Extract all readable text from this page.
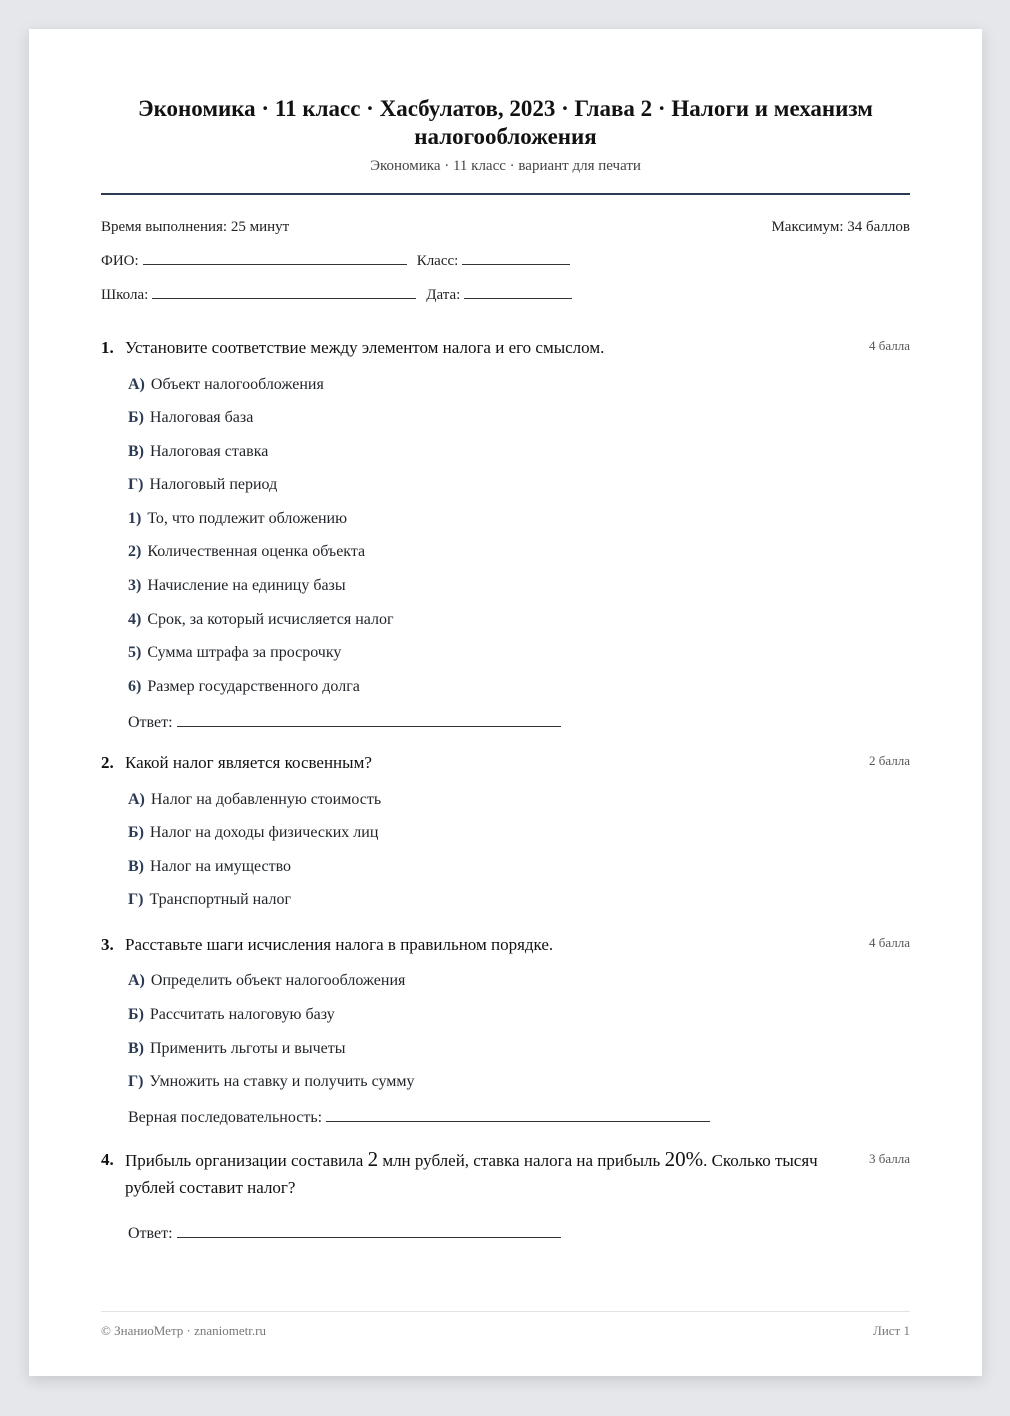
Экономика · 11 класс · Хасбулатов, 2023 · Глава 2 · Налоги и механизм налогообложения
Экономика · 11 класс · вариант для печати
Время выполнения: 25 минут	Максимум: 34 баллов
ФИО:	Класс:
Школа:	Дата:
1. Установите соответствие между элементом налога и его смыслом.	4 балла
А) Объект налогообложения
Б) Налоговая база
В) Налоговая ставка
Г) Налоговый период
1) То, что подлежит обложению
2) Количественная оценка объекта
3) Начисление на единицу базы
4) Срок, за который исчисляется налог
5) Сумма штрафа за просрочку
6) Размер государственного долга
Ответ:
2. Какой налог является косвенным?	2 балла
А) Налог на добавленную стоимость
Б) Налог на доходы физических лиц
В) Налог на имущество
Г) Транспортный налог
3. Расставьте шаги исчисления налога в правильном порядке.	4 балла
А) Определить объект налогообложения
Б) Рассчитать налоговую базу
В) Применить льготы и вычеты
Г) Умножить на ставку и получить сумму
Верная последовательность:
4. Прибыль организации составила 2 млн рублей, ставка налога на прибыль 20%. Сколько тысяч рублей составит налог?
3 балла
Ответ:
© ЗнаниоМетр · znaniometr.ru	Лист 1
